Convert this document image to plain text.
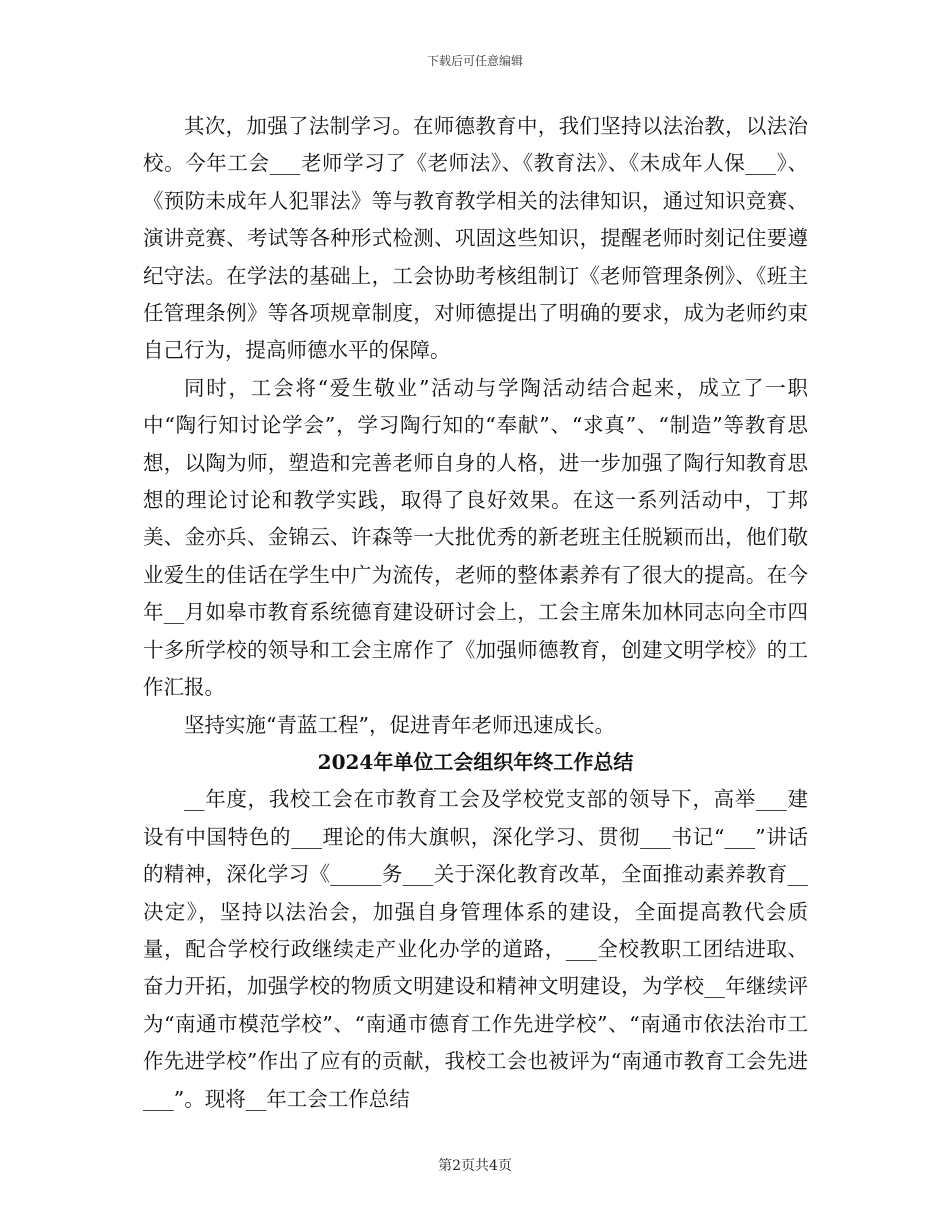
下载后可任意编辑

其次，加强了法制学习。在师德教育中，我们坚持以法治教，以法治校。今年工会___老师学习了《老师法》、《教育法》、《未成年人保___》、《预防未成年人犯罪法》等与教育教学相关的法律知识，通过知识竞赛、演讲竞赛、考试等各种形式检测、巩固这些知识，提醒老师时刻记住要遵纪守法。在学法的基础上，工会协助考核组制订《老师管理条例》、《班主任管理条例》等各项规章制度，对师德提出了明确的要求，成为老师约束自己行为，提高师德水平的保障。

同时，工会将“爱生敬业”活动与学陶活动结合起来，成立了一职中“陶行知讨论学会”，学习陶行知的“奉献”、“求真”、“制造”等教育思想，以陶为师，塑造和完善老师自身的人格，进一步加强了陶行知教育思想的理论讨论和教学实践，取得了良好效果。在这一系列活动中，丁邦美、金亦兵、金锦云、许森等一大批优秀的新老班主任脱颖而出，他们敬业爱生的佳话在学生中广为流传，老师的整体素养有了很大的提高。在今年__月如皋市教育系统德育建设研讨会上，工会主席朱加林同志向全市四十多所学校的领导和工会主席作了《加强师德教育，创建文明学校》的工作汇报。

坚持实施“青蓝工程”，促进青年老师迅速成长。

2024年单位工会组织年终工作总结

__年度，我校工会在市教育工会及学校党支部的领导下，高举___建设有中国特色的___理论的伟大旗帜，深化学习、贯彻___书记“___”讲话的精神，深化学习《_____务___关于深化教育改革，全面推动素养教育__决定》，坚持以法治会，加强自身管理体系的建设，全面提高教代会质量，配合学校行政继续走产业化办学的道路，___全校教职工团结进取、奋力开拓，加强学校的物质文明建设和精神文明建设，为学校__年继续评为“南通市模范学校”、“南通市德育工作先进学校”、“南通市依法治市工作先进学校”作出了应有的贡献，我校工会也被评为“南通市教育工会先进___”。现将__年工会工作总结

第2页共4页
